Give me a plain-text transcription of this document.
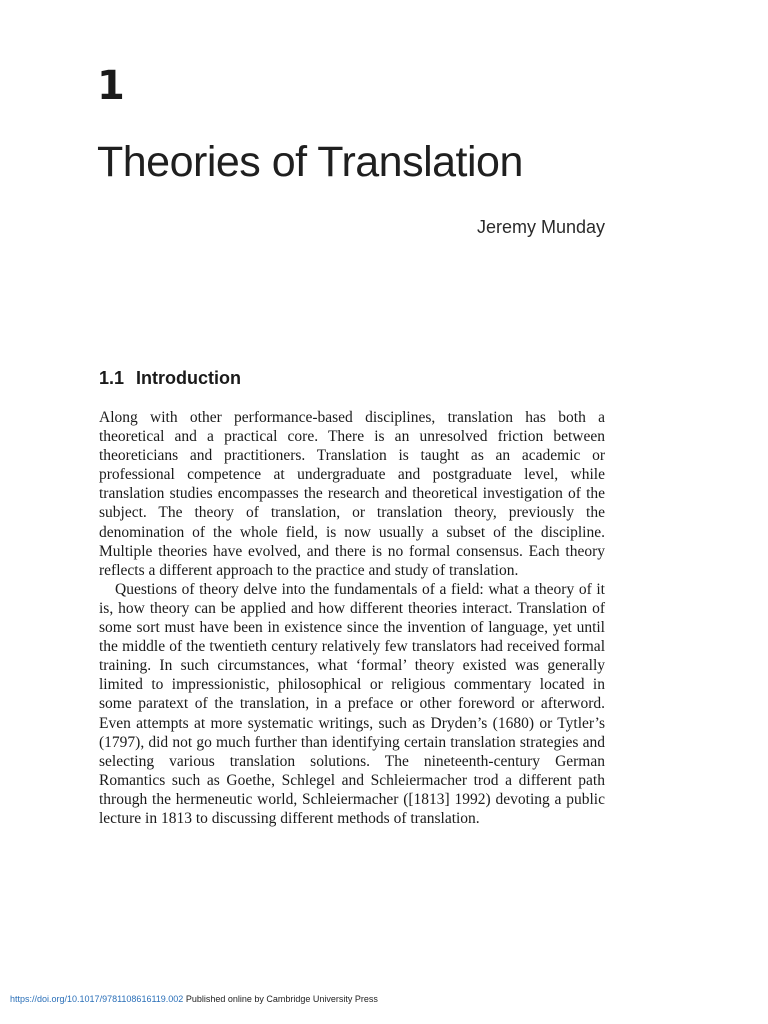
1
Theories of Translation
Jeremy Munday
1.1 Introduction

Along with other performance-based disciplines, translation has both a theoretical and a practical core. There is an unresolved friction between theoreticians and practitioners. Translation is taught as an academic or professional competence at undergraduate and postgraduate level, while translation studies encompasses the research and theoretical investigation of the subject. The theory of translation, or translation theory, previously the denomination of the whole field, is now usually a subset of the discipline. Multiple theories have evolved, and there is no formal consensus. Each theory reflects a different approach to the practice and study of translation.

Questions of theory delve into the fundamentals of a field: what a theory of it is, how theory can be applied and how different theories interact. Translation of some sort must have been in existence since the invention of language, yet until the middle of the twentieth century relatively few translators had received formal training. In such circumstances, what ‘formal’ theory existed was generally limited to impressionistic, philosophical or religious commentary located in some paratext of the translation, in a preface or other foreword or afterword. Even attempts at more systematic writings, such as Dryden’s (1680) or Tytler’s (1797), did not go much further than identifying certain translation strategies and selecting various translation solutions. The nineteenth-century German Romantics such as Goethe, Schlegel and Schleiermacher trod a different path through the hermeneutic world, Schleiermacher ([1813] 1992) devoting a public lecture in 1813 to discussing different methods of translation.

https://doi.org/10.1017/9781108616119.002 Published online by Cambridge University Press
